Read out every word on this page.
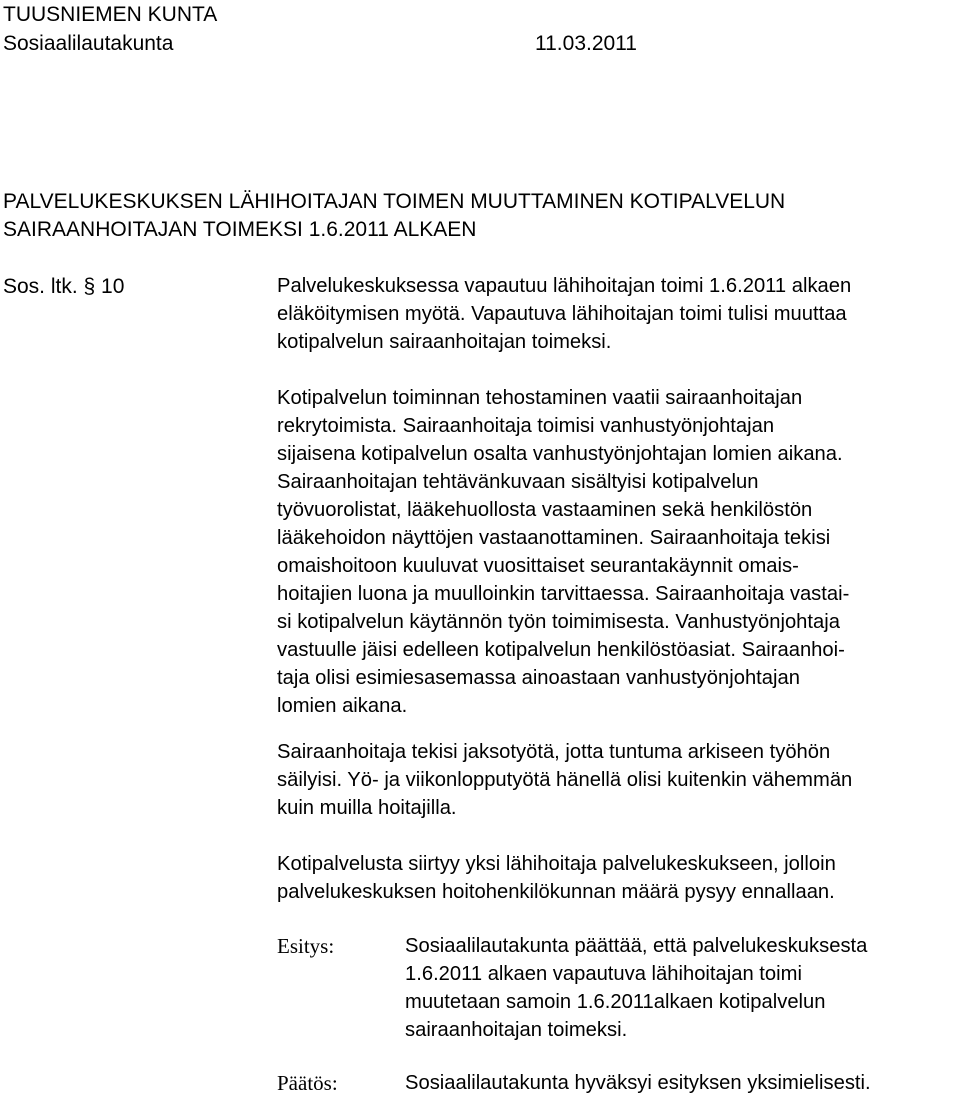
TUUSNIEMEN KUNTA
Sosiaalilautakunta	11.03.2011
PALVELUKESKUKSEN LÄHIHOITAJAN TOIMEN MUUTTAMINEN KOTIPALVELUN
SAIRAANHOITAJAN TOIMEKSI 1.6.2011 ALKAEN
Sos. ltk. § 10	Palvelukeskuksessa vapautuu lähihoitajan toimi 1.6.2011 alkaen
eläköitymisen myötä. Vapautuva lähihoitajan toimi tulisi muuttaa
kotipalvelun sairaanhoitajan toimeksi.
Kotipalvelun toiminnan tehostaminen vaatii sairaanhoitajan
rekrytoimista. Sairaanhoitaja toimisi vanhustyönjohtajan
sijaisena kotipalvelun osalta vanhustyönjohtajan lomien aikana.
Sairaanhoitajan tehtävänkuvaan sisältyisi kotipalvelun
työvuorolistat, lääkehuollosta vastaaminen sekä henkilöstön
lääkehoidon näyttöjen vastaanottaminen. Sairaanhoitaja tekisi
omaishoitoon kuuluvat vuosittaiset seurantakäynnit omais-
hoitajien luona ja muulloinkin tarvittaessa. Sairaanhoitaja vastai-
si kotipalvelun käytännön työn toimimisesta. Vanhustyönjohtaja
vastuulle jäisi edelleen kotipalvelun henkilöstöasiat. Sairaanhoi-
taja olisi esimiesasemassa ainoastaan vanhustyönjohtajan
lomien aikana.
Sairaanhoitaja tekisi jaksotyötä, jotta tuntuma arkiseen työhön
säilyisi. Yö- ja viikonlopputyötä hänellä olisi kuitenkin vähemmän
kuin muilla hoitajilla.
Kotipalvelusta siirtyy yksi lähihoitaja palvelukeskukseen, jolloin
palvelukeskuksen hoitohenkilökunnan määrä pysyy ennallaan.
Esitys:	Sosiaalilautakunta päättää, että palvelukeskuksesta
1.6.2011 alkaen vapautuva lähihoitajan toimi
muutetaan samoin 1.6.2011alkaen kotipalvelun
sairaanhoitajan toimeksi.
Päätös:	Sosiaalilautakunta hyväksyi esityksen yksimielisesti.
